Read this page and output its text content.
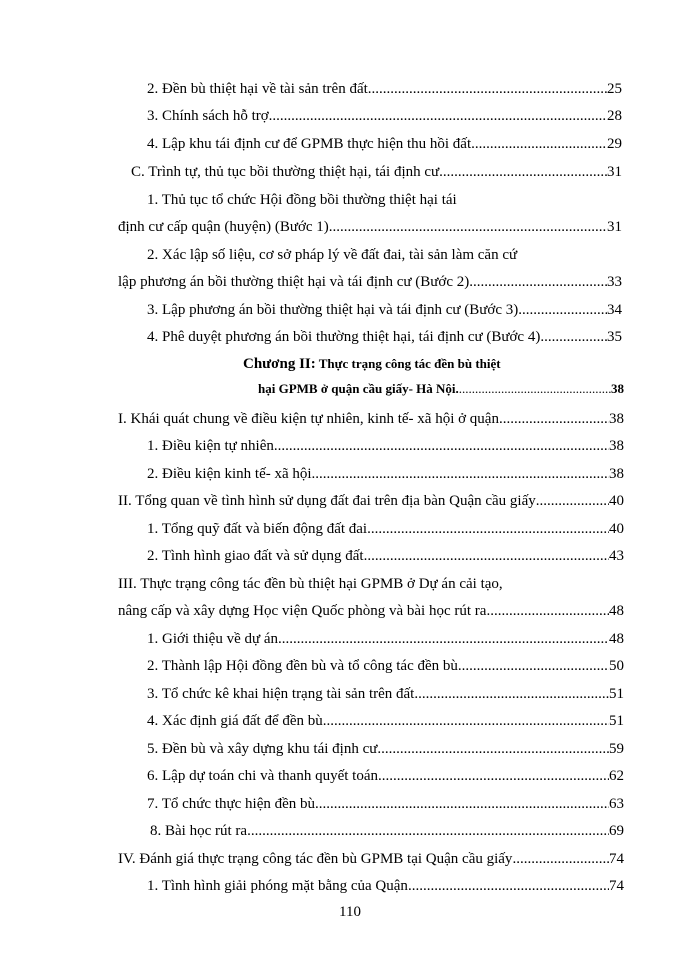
2. Đền bù thiệt hại về tài sản trên đất .....	25
3. Chính sách hỗ trợ .....	28
4. Lập khu tái định cư để GPMB thực hiện thu hồi đất .....	29
C. Trình tự, thủ tục bồi thường thiệt hại, tái định cư .....	31
1. Thủ tục tổ chức Hội đồng bồi thường thiệt hại tái
định cư cấp quận (huyện) (Bước 1) .....	31
2. Xác lập số liệu, cơ sở pháp lý về đất đai, tài sản làm căn cứ
lập phương án bồi thường thiệt hại và tái định cư (Bước 2) .....	33
3. Lập phương án bồi thường thiệt hại và tái định cư (Bước 3) .....	34
4. Phê duyệt phương án bồi thường thiệt hại, tái định cư (Bước 4) .....	35
Chương II: Thực trạng công tác đền bù thiệt
hại GPMB ở quận cầu giấy- Hà Nội. .....	38
I. Khái quát chung về điều kiện tự nhiên, kinh tế- xã hội ở quận .....	38
1. Điều kiện tự nhiên .....	38
2. Điều kiện kinh tế- xã hội .....	38
II. Tổng quan về tình hình sử dụng đất đai trên địa bàn Quận cầu giấy .....	40
1. Tổng quỹ đất và biến động đất đai .....	40
2. Tình hình giao đất và sử dụng đất .....	43
III. Thực trạng công tác đền bù thiệt hại GPMB ở Dự án cải tạo,
nâng cấp và xây dựng Học viện Quốc phòng và bài học rút ra .....	48
1. Giới thiệu về dự án .....	48
2. Thành lập Hội đồng đền bù và tổ công tác đền bù .....	50
3. Tổ chức kê khai hiện trạng tài sản trên đất .....	51
4. Xác định giá đất để đền bù .....	51
5. Đền bù và xây dựng khu tái định cư .....	59
6. Lập dự toán chi và thanh quyết toán .....	62
7. Tổ chức thực hiện đền bù .....	63
8. Bài học rút ra .....	69
IV. Đánh giá thực trạng công tác đền bù GPMB tại Quận cầu giấy .....	74
1. Tình hình giải phóng mặt bằng của Quận .....	74
110
